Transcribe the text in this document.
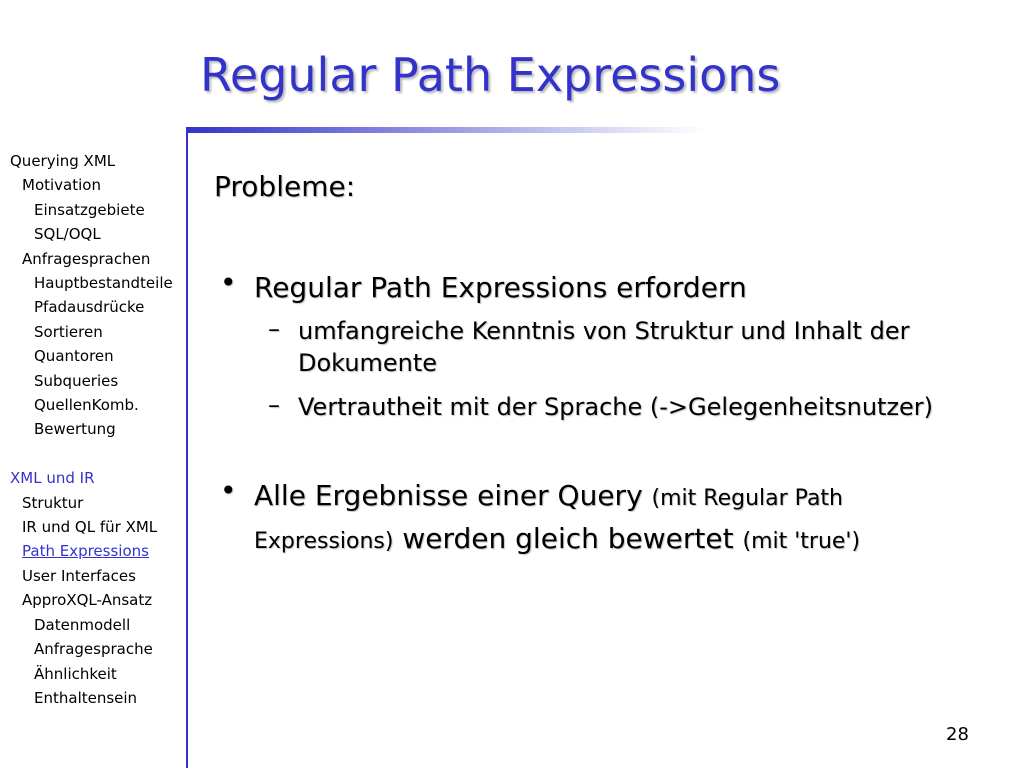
Regular Path Expressions
Querying XML
Motivation
Einsatzgebiete
SQL/OQL
Anfragesprachen
Hauptbestandteile
Pfadausdrücke
Sortieren
Quantoren
Subqueries
QuellenKomb.
Bewertung
XML und IR
Struktur
IR und QL für XML
Path Expressions
User Interfaces
ApproXQL-Ansatz
Datenmodell
Anfragesprache
Ähnlichkeit
Enthaltensein
Probleme:
• Regular Path Expressions erfordern
– umfangreiche Kenntnis von Struktur und Inhalt der Dokumente
– Vertrautheit mit der Sprache (->Gelegenheitsnutzer)
• Alle Ergebnisse einer Query (mit Regular Path Expressions) werden gleich bewertet (mit 'true')
28
